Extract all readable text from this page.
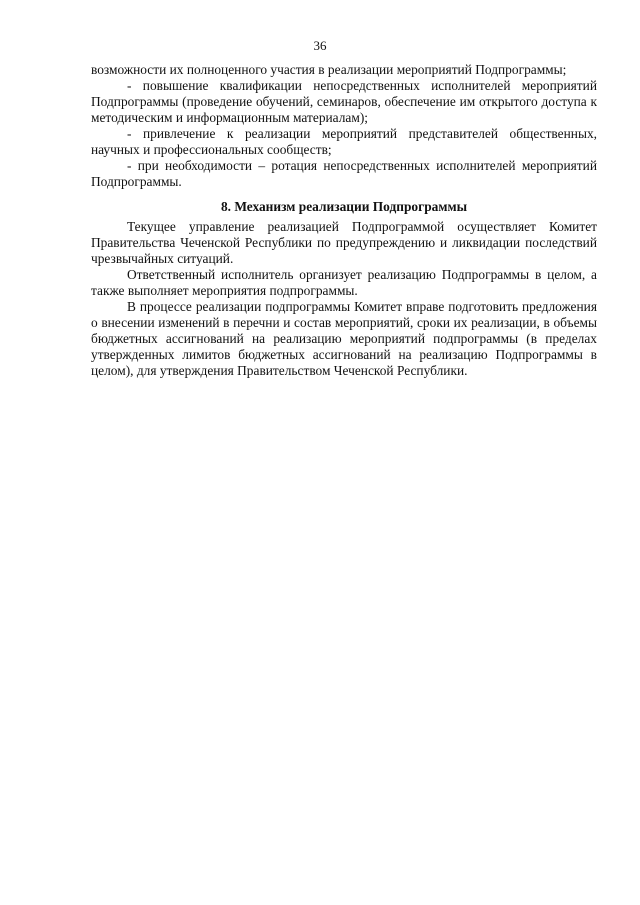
36

возможности их полноценного участия в реализации мероприятий Подпрограммы;

- повышение квалификации непосредственных исполнителей мероприятий Подпрограммы (проведение обучений, семинаров, обеспечение им открытого доступа к методическим и информационным материалам);

- привлечение к реализации мероприятий представителей общественных, научных и профессиональных сообществ;

- при необходимости – ротация непосредственных исполнителей мероприятий Подпрограммы.

8. Механизм реализации Подпрограммы

Текущее управление реализацией Подпрограммой осуществляет Комитет Правительства Чеченской Республики по предупреждению и ликвидации последствий чрезвычайных ситуаций.

Ответственный исполнитель организует реализацию Подпрограммы в целом, а также выполняет мероприятия подпрограммы.

В процессе реализации подпрограммы Комитет вправе подготовить предложения о внесении изменений в перечни и состав мероприятий, сроки их реализации, в объемы бюджетных ассигнований на реализацию мероприятий подпрограммы (в пределах утвержденных лимитов бюджетных ассигнований на реализацию Подпрограммы в целом), для утверждения Правительством Чеченской Республики.
